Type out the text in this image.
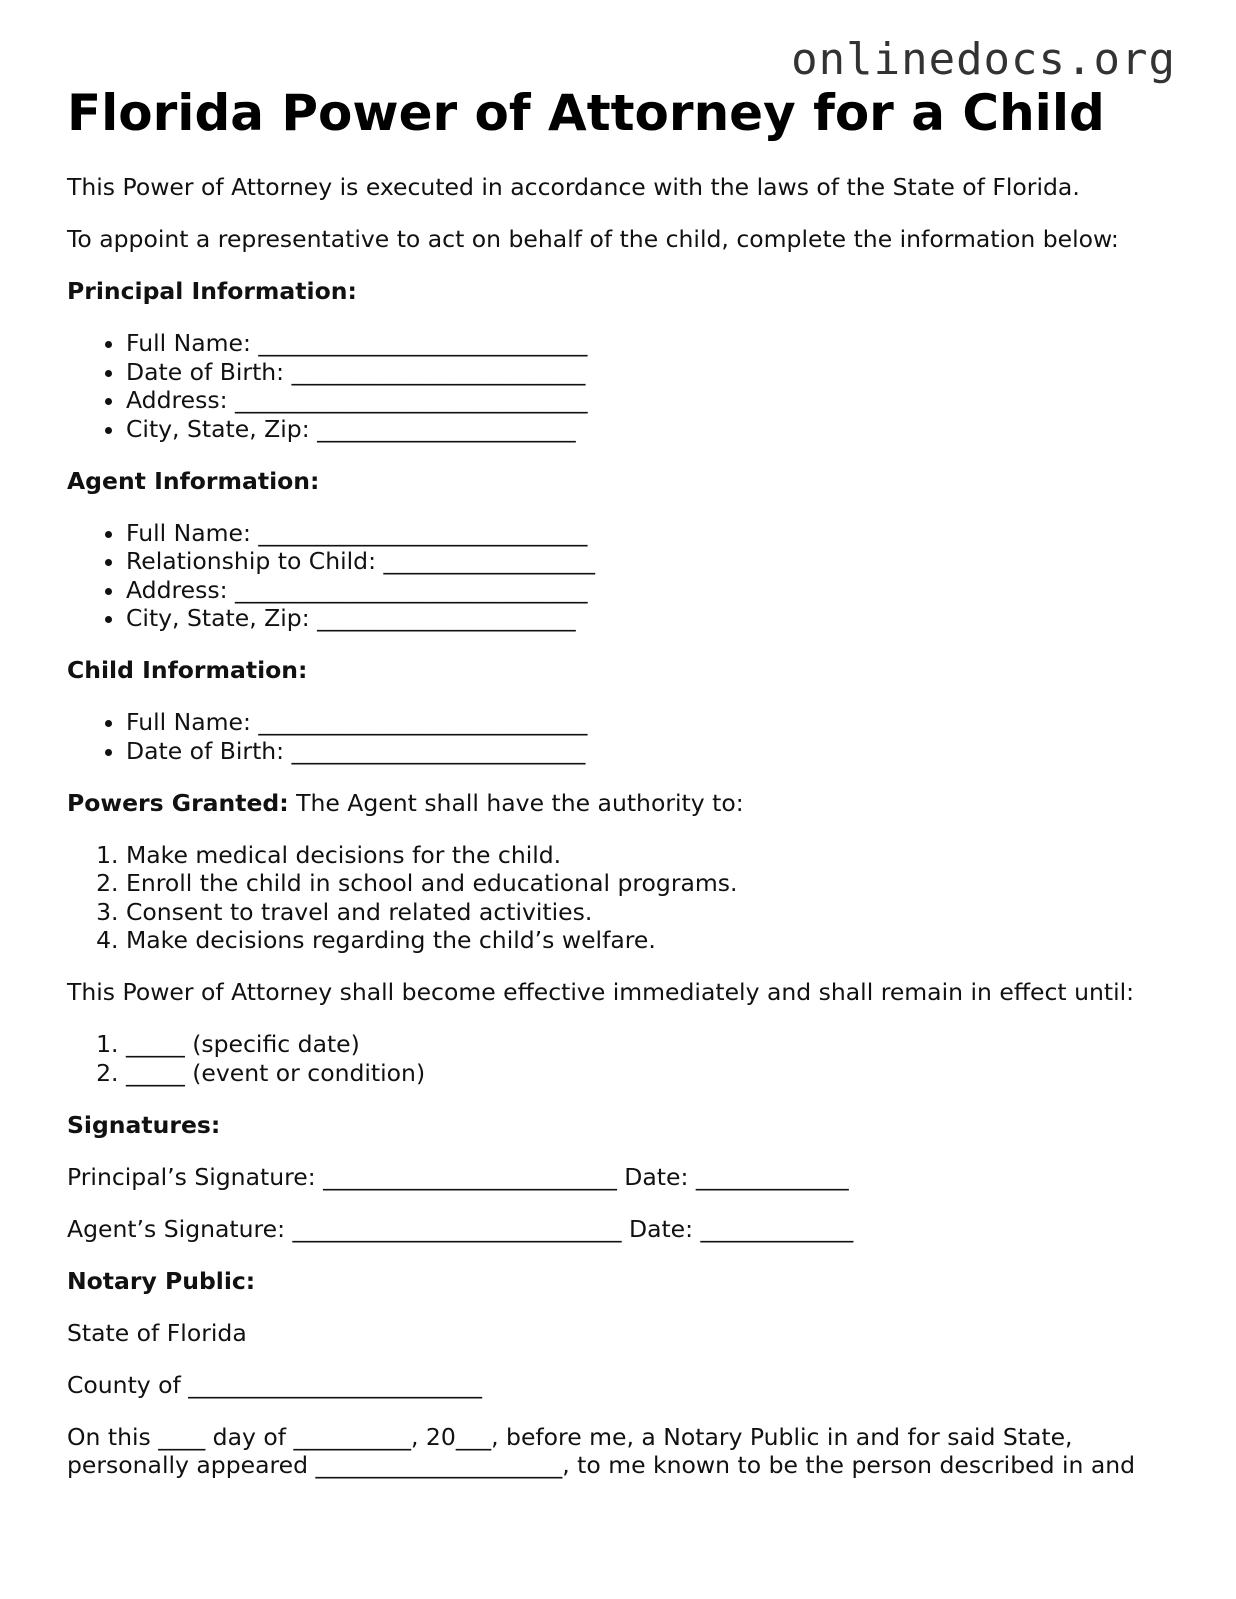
onlinedocs.org
Florida Power of Attorney for a Child

This Power of Attorney is executed in accordance with the laws of the State of Florida.

To appoint a representative to act on behalf of the child, complete the information below:

Principal Information:
• Full Name: ____________________________
• Date of Birth: _________________________
• Address: ______________________________
• City, State, Zip: ______________________
Agent Information:
• Full Name: ____________________________
• Relationship to Child: __________________
• Address: ______________________________
• City, State, Zip: ______________________
Child Information:
• Full Name: ____________________________
• Date of Birth: _________________________

Powers Granted: The Agent shall have the authority to:

1. Make medical decisions for the child.
2. Enroll the child in school and educational programs.
3. Consent to travel and related activities.
4. Make decisions regarding the child’s welfare.

This Power of Attorney shall become effective immediately and shall remain in effect until:

1. _____ (specific date)
2. _____ (event or condition)
Signatures:

Principal’s Signature: _________________________ Date: _____________

Agent’s Signature: ____________________________ Date: _____________

Notary Public:

State of Florida

County of _________________________

On this ____ day of __________, 20___, before me, a Notary Public in and for said State, personally appeared _____________________, to me known to be the person described in and
